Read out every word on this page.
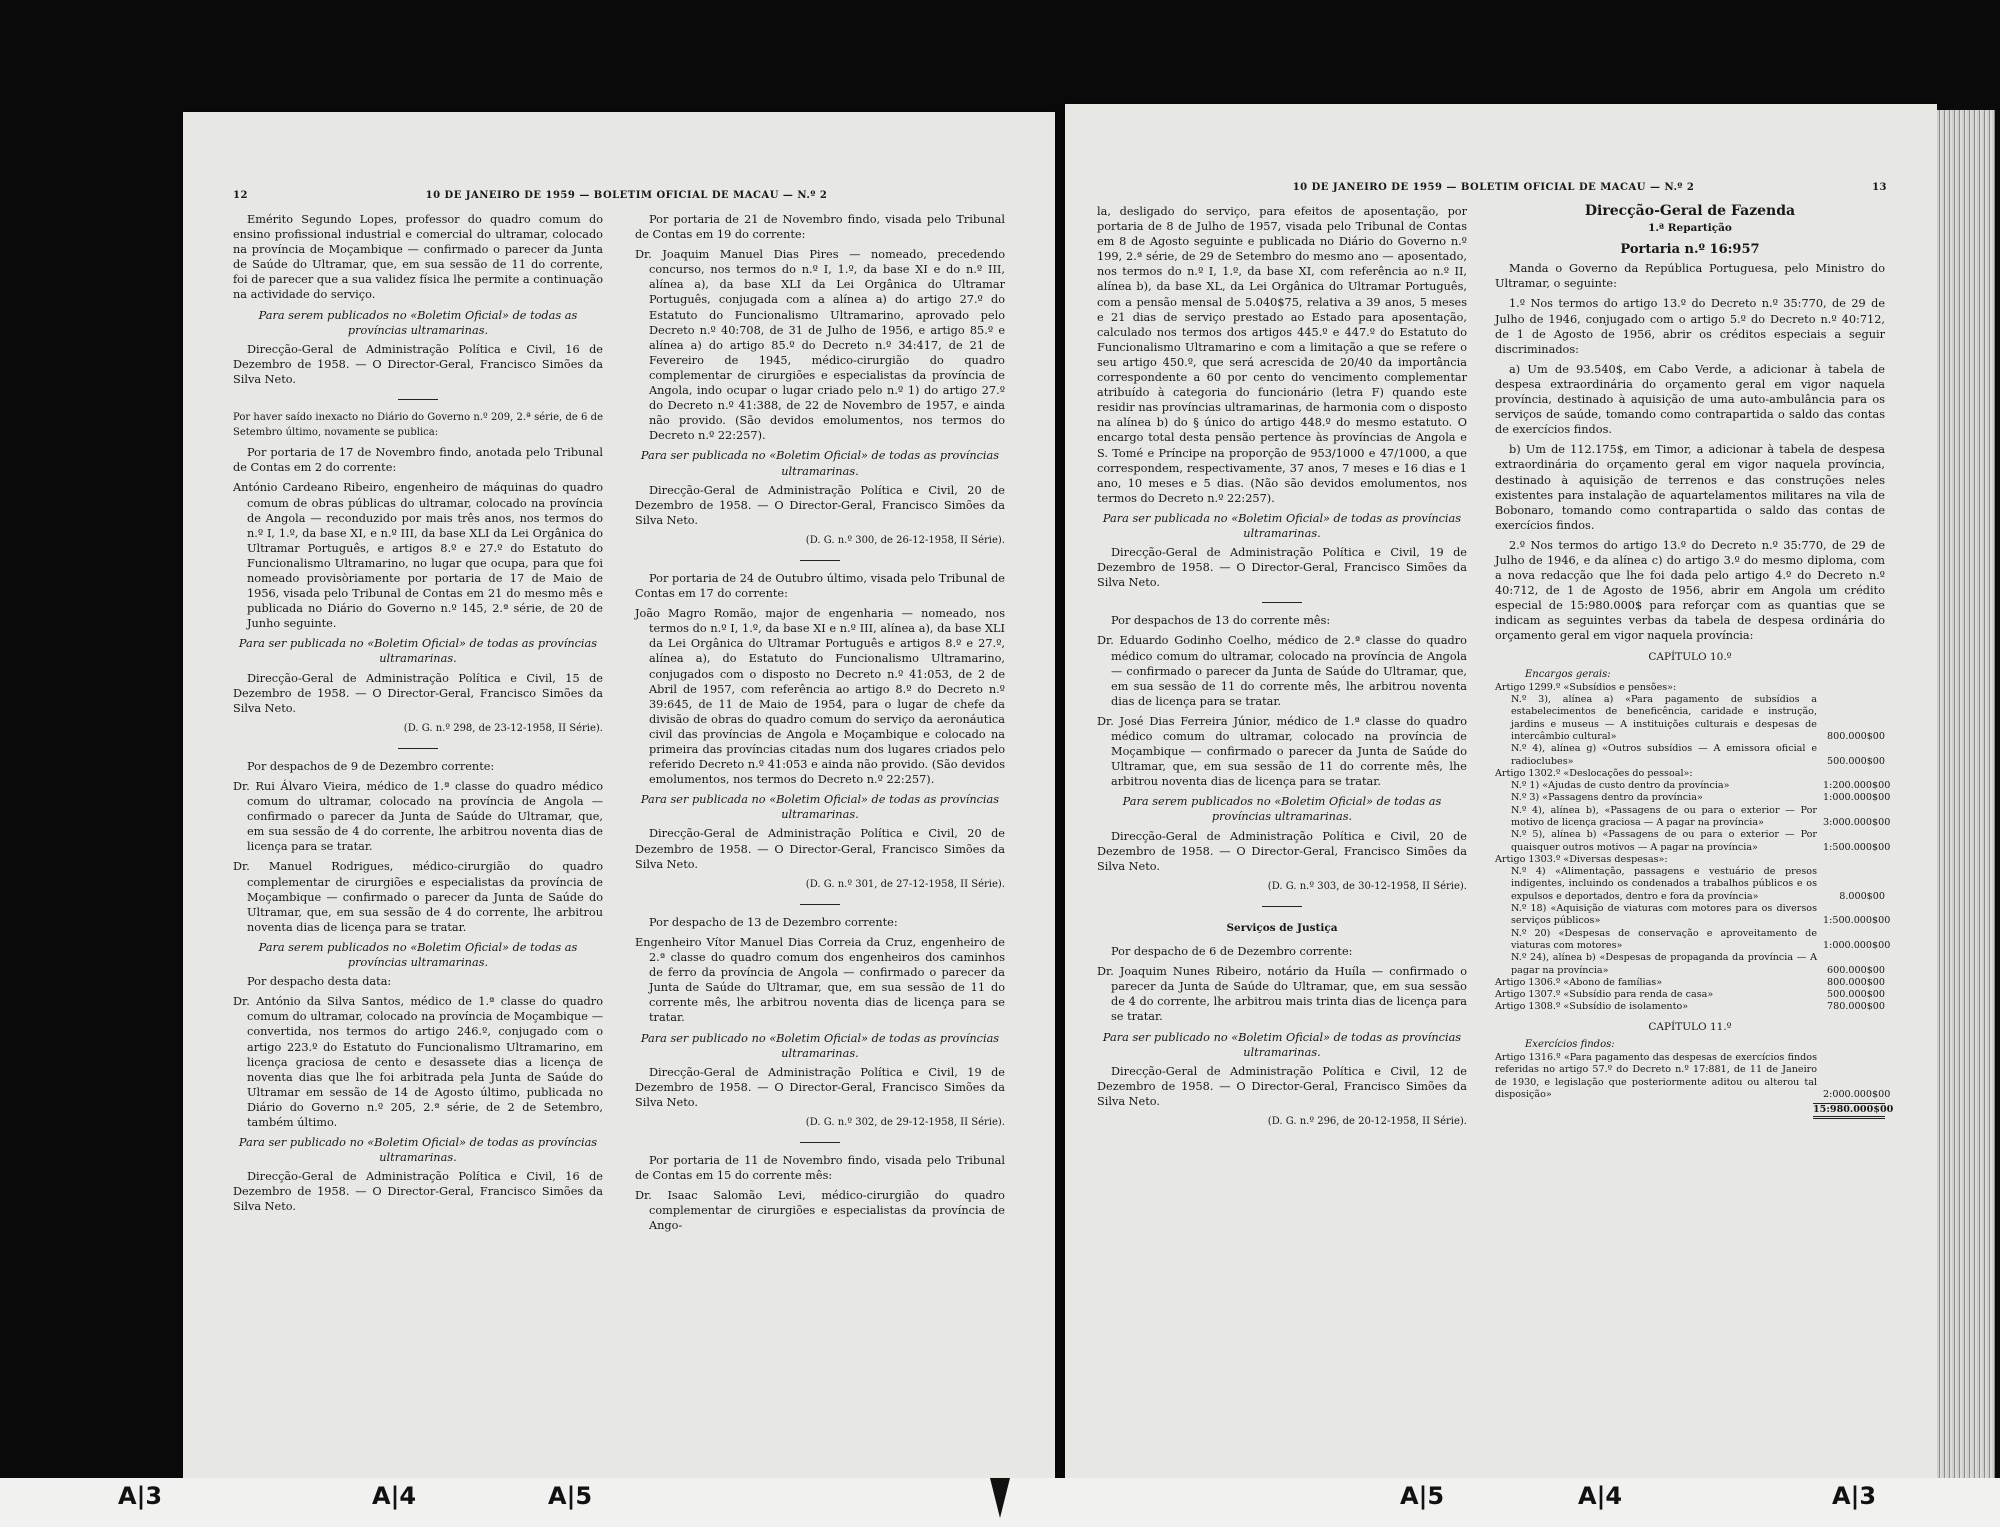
12	10 DE JANEIRO DE 1959 — BOLETIM OFICIAL DE MACAU — N.º 2

Emérito Segundo Lopes, professor do quadro comum do ensino profissional industrial e comercial do ultramar, colocado na província de Moçambique — confirmado o parecer da Junta de Saúde do Ultramar, que, em sua sessão de 11 do corrente, foi de parecer que a sua validez física lhe permite a continuação na actividade do serviço.

Para serem publicados no «Boletim Oficial» de todas as províncias ultramarinas.

Direcção-Geral de Administração Política e Civil, 16 de Dezembro de 1958. — O Director-Geral, Francisco Simões da Silva Neto.

Por haver saído inexacto no Diário do Governo n.º 209, 2.ª série, de 6 de Setembro último, novamente se publica:

Por portaria de 17 de Novembro findo, anotada pelo Tribunal de Contas em 2 do corrente:

António Cardeano Ribeiro, engenheiro de máquinas do quadro comum de obras públicas do ultramar, colocado na província de Angola — reconduzido por mais três anos, nos termos do n.º I, 1.º, da base XI, e n.º III, da base XLI da Lei Orgânica do Ultramar Português, e artigos 8.º e 27.º do Estatuto do Funcionalismo Ultramarino, no lugar que ocupa, para que foi nomeado provisòriamente por portaria de 17 de Maio de 1956, visada pelo Tribunal de Contas em 21 do mesmo mês e publicada no Diário do Governo n.º 145, 2.ª série, de 20 de Junho seguinte.

Para ser publicada no «Boletim Oficial» de todas as províncias ultramarinas.

Direcção-Geral de Administração Política e Civil, 15 de Dezembro de 1958. — O Director-Geral, Francisco Simões da Silva Neto.

(D. G. n.º 298, de 23-12-1958, II Série).

Por despachos de 9 de Dezembro corrente:

Dr. Rui Álvaro Vieira, médico de 1.ª classe do quadro médico comum do ultramar, colocado na província de Angola — confirmado o parecer da Junta de Saúde do Ultramar, que, em sua sessão de 4 do corrente, lhe arbitrou noventa dias de licença para se tratar.

Dr. Manuel Rodrigues, médico-cirurgião do quadro complementar de cirurgiões e especialistas da província de Moçambique — confirmado o parecer da Junta de Saúde do Ultramar, que, em sua sessão de 4 do corrente, lhe arbitrou noventa dias de licença para se tratar.

Para serem publicados no «Boletim Oficial» de todas as províncias ultramarinas.

Por despacho desta data:

Dr. António da Silva Santos, médico de 1.ª classe do quadro comum do ultramar, colocado na província de Moçambique — convertida, nos termos do artigo 246.º, conjugado com o artigo 223.º do Estatuto do Funcionalismo Ultramarino, em licença graciosa de cento e desassete dias a licença de noventa dias que lhe foi arbitrada pela Junta de Saúde do Ultramar em sessão de 14 de Agosto último, publicada no Diário do Governo n.º 205, 2.ª série, de 2 de Setembro, também último.

Para ser publicado no «Boletim Oficial» de todas as províncias ultramarinas.

Direcção-Geral de Administração Política e Civil, 16 de Dezembro de 1958. — O Director-Geral, Francisco Simões da Silva Neto.

Por portaria de 21 de Novembro findo, visada pelo Tribunal de Contas em 19 do corrente:

Dr. Joaquim Manuel Dias Pires — nomeado, precedendo concurso, nos termos do n.º I, 1.º, da base XI e do n.º III, alínea a), da base XLI da Lei Orgânica do Ultramar Português, conjugada com a alínea a) do artigo 27.º do Estatuto do Funcionalismo Ultramarino, aprovado pelo Decreto n.º 40:708, de 31 de Julho de 1956, e artigo 85.º e alínea a) do artigo 85.º do Decreto n.º 34:417, de 21 de Fevereiro de 1945, médico-cirurgião do quadro complementar de cirurgiões e especialistas da província de Angola, indo ocupar o lugar criado pelo n.º 1) do artigo 27.º do Decreto n.º 41:388, de 22 de Novembro de 1957, e ainda não provido. (São devidos emolumentos, nos termos do Decreto n.º 22:257).

Para ser publicada no «Boletim Oficial» de todas as províncias ultramarinas.

Direcção-Geral de Administração Política e Civil, 20 de Dezembro de 1958. — O Director-Geral, Francisco Simões da Silva Neto.

(D. G. n.º 300, de 26-12-1958, II Série).

Por portaria de 24 de Outubro último, visada pelo Tribunal de Contas em 17 do corrente:

João Magro Romão, major de engenharia — nomeado, nos termos do n.º I, 1.º, da base XI e n.º III, alínea a), da base XLI da Lei Orgânica do Ultramar Português e artigos 8.º e 27.º, alínea a), do Estatuto do Funcionalismo Ultramarino, conjugados com o disposto no Decreto n.º 41:053, de 2 de Abril de 1957, com referência ao artigo 8.º do Decreto n.º 39:645, de 11 de Maio de 1954, para o lugar de chefe da divisão de obras do quadro comum do serviço da aeronáutica civil das províncias de Angola e Moçambique e colocado na primeira das províncias citadas num dos lugares criados pelo referido Decreto n.º 41:053 e ainda não provido. (São devidos emolumentos, nos termos do Decreto n.º 22:257).

Para ser publicada no «Boletim Oficial» de todas as províncias ultramarinas.

Direcção-Geral de Administração Política e Civil, 20 de Dezembro de 1958. — O Director-Geral, Francisco Simões da Silva Neto.

(D. G. n.º 301, de 27-12-1958, II Série).

Por despacho de 13 de Dezembro corrente:

Engenheiro Vítor Manuel Dias Correia da Cruz, engenheiro de 2.ª classe do quadro comum dos engenheiros dos caminhos de ferro da província de Angola — confirmado o parecer da Junta de Saúde do Ultramar, que, em sua sessão de 11 do corrente mês, lhe arbitrou noventa dias de licença para se tratar.

Para ser publicado no «Boletim Oficial» de todas as províncias ultramarinas.

Direcção-Geral de Administração Política e Civil, 19 de Dezembro de 1958. — O Director-Geral, Francisco Simões da Silva Neto.

(D. G. n.º 302, de 29-12-1958, II Série).

Por portaria de 11 de Novembro findo, visada pelo Tribunal de Contas em 15 do corrente mês:

Dr. Isaac Salomão Levi, médico-cirurgião do quadro complementar de cirurgiões e especialistas da província de Ango-

10 DE JANEIRO DE 1959 — BOLETIM OFICIAL DE MACAU — N.º 2	13

la, desligado do serviço, para efeitos de aposentação, por portaria de 8 de Julho de 1957, visada pelo Tribunal de Contas em 8 de Agosto seguinte e publicada no Diário do Governo n.º 199, 2.ª série, de 29 de Setembro do mesmo ano — aposentado, nos termos do n.º I, 1.º, da base XI, com referência ao n.º II, alínea b), da base XL, da Lei Orgânica do Ultramar Português, com a pensão mensal de 5.040$75, relativa a 39 anos, 5 meses e 21 dias de serviço prestado ao Estado para aposentação, calculado nos termos dos artigos 445.º e 447.º do Estatuto do Funcionalismo Ultramarino e com a limitação a que se refere o seu artigo 450.º, que será acrescida de 20/40 da importância correspondente a 60 por cento do vencimento complementar atribuído à categoria do funcionário (letra F) quando este residir nas províncias ultramarinas, de harmonia com o disposto na alínea b) do § único do artigo 448.º do mesmo estatuto. O encargo total desta pensão pertence às províncias de Angola e S. Tomé e Príncipe na proporção de 953/1000 e 47/1000, a que correspondem, respectivamente, 37 anos, 7 meses e 16 dias e 1 ano, 10 meses e 5 dias. (Não são devidos emolumentos, nos termos do Decreto n.º 22:257).

Para ser publicada no «Boletim Oficial» de todas as províncias ultramarinas.

Direcção-Geral de Administração Política e Civil, 19 de Dezembro de 1958. — O Director-Geral, Francisco Simões da Silva Neto.

Por despachos de 13 do corrente mês:

Dr. Eduardo Godinho Coelho, médico de 2.ª classe do quadro médico comum do ultramar, colocado na província de Angola — confirmado o parecer da Junta de Saúde do Ultramar, que, em sua sessão de 11 do corrente mês, lhe arbitrou noventa dias de licença para se tratar.

Dr. José Dias Ferreira Júnior, médico de 1.ª classe do quadro médico comum do ultramar, colocado na província de Moçambique — confirmado o parecer da Junta de Saúde do Ultramar, que, em sua sessão de 11 do corrente mês, lhe arbitrou noventa dias de licença para se tratar.

Para serem publicados no «Boletim Oficial» de todas as províncias ultramarinas.

Direcção-Geral de Administração Política e Civil, 20 de Dezembro de 1958. — O Director-Geral, Francisco Simões da Silva Neto.

(D. G. n.º 303, de 30-12-1958, II Série).

Serviços de Justiça

Por despacho de 6 de Dezembro corrente:

Dr. Joaquim Nunes Ribeiro, notário da Huíla — confirmado o parecer da Junta de Saúde do Ultramar, que, em sua sessão de 4 do corrente, lhe arbitrou mais trinta dias de licença para se tratar.

Para ser publicado no «Boletim Oficial» de todas as províncias ultramarinas.

Direcção-Geral de Administração Política e Civil, 12 de Dezembro de 1958. — O Director-Geral, Francisco Simões da Silva Neto.

(D. G. n.º 296, de 20-12-1958, II Série).

Direcção-Geral de Fazenda

1.ª Repartição

Portaria n.º 16:957

Manda o Governo da República Portuguesa, pelo Ministro do Ultramar, o seguinte:

1.º Nos termos do artigo 13.º do Decreto n.º 35:770, de 29 de Julho de 1946, conjugado com o artigo 5.º do Decreto n.º 40:712, de 1 de Agosto de 1956, abrir os créditos especiais a seguir discriminados:

a) Um de 93.540$, em Cabo Verde, a adicionar à tabela de despesa extraordinária do orçamento geral em vigor naquela província, destinado à aquisição de uma auto-ambulância para os serviços de saúde, tomando como contrapartida o saldo das contas de exercícios findos.

b) Um de 112.175$, em Timor, a adicionar à tabela de despesa extraordinária do orçamento geral em vigor naquela província, destinado à aquisição de terrenos e das construções neles existentes para instalação de aquartelamentos militares na vila de Bobonaro, tomando como contrapartida o saldo das contas de exercícios findos.

2.º Nos termos do artigo 13.º do Decreto n.º 35:770, de 29 de Julho de 1946, e da alínea c) do artigo 3.º do mesmo diploma, com a nova redacção que lhe foi dada pelo artigo 4.º do Decreto n.º 40:712, de 1 de Agosto de 1956, abrir em Angola um crédito especial de 15:980.000$ para reforçar com as quantias que se indicam as seguintes verbas da tabela de despesa ordinária do orçamento geral em vigor naquela província:

CAPÍTULO 10.º

Encargos gerais:

Artigo 1299.º «Subsídios e pensões»:
N.º 3), alínea a) «Para pagamento de subsídios a estabelecimentos de beneficência, caridade e instrução, jardins e museus — A instituições culturais e despesas de intercâmbio cultural»	800.000$00
N.º 4), alínea g) «Outros subsídios — A emissora oficial e radioclubes»	500.000$00
Artigo 1302.º «Deslocações do pessoal»:
N.º 1) «Ajudas de custo dentro da província»	1:200.000$00
N.º 3) «Passagens dentro da província»	1:000.000$00
N.º 4), alínea b), «Passagens de ou para o exterior — Por motivo de licença graciosa — A pagar na província»	3:000.000$00
N.º 5), alínea b) «Passagens de ou para o exterior — Por quaisquer outros motivos — A pagar na província»	1:500.000$00
Artigo 1303.º «Diversas despesas»:
N.º 4) «Alimentação, passagens e vestuário de presos indigentes, incluindo os condenados a trabalhos públicos e os expulsos e deportados, dentro e fora da província»	8.000$00
N.º 18) «Aquisição de viaturas com motores para os diversos serviços públicos»	1:500.000$00
N.º 20) «Despesas de conservação e aproveitamento de viaturas com motores»	1:000.000$00
N.º 24), alínea b) «Despesas de propaganda da província — A pagar na província»	600.000$00
Artigo 1306.º «Abono de famílias»	800.000$00
Artigo 1307.º «Subsídio para renda de casa»	500.000$00
Artigo 1308.º «Subsídio de isolamento»	780.000$00

CAPÍTULO 11.º

Exercícios findos:

Artigo 1316.º «Para pagamento das despesas de exercícios findos referidas no artigo 57.º do Decreto n.º 17:881, de 11 de Janeiro de 1930, e legislação que posteriormente aditou ou alterou tal disposição»	2:000.000$00
15:980.000$00
A|3	A|4	A|5	A|5	A|4	A|3
